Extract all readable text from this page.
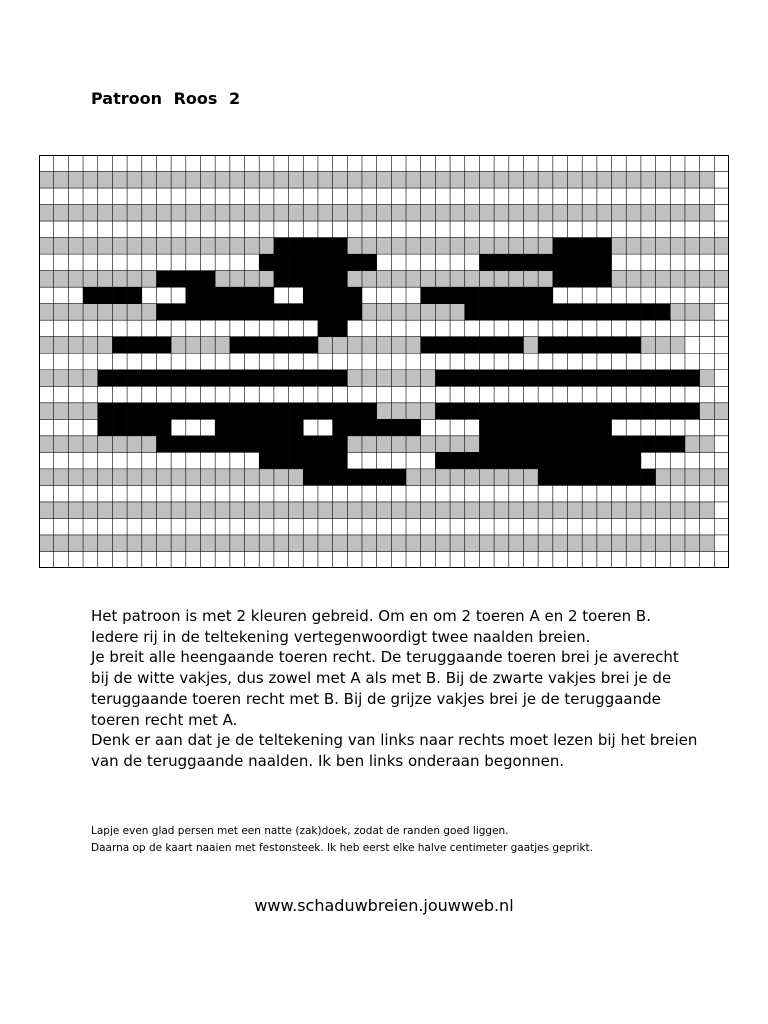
Patroon Roos 2
Het patroon is met 2 kleuren gebreid. Om en om 2 toeren A en 2 toeren B.
Iedere rij in de teltekening vertegenwoordigt twee naalden breien.
Je breit alle heengaande toeren recht. De teruggaande toeren brei je averecht
bij de witte vakjes, dus zowel met A als met B. Bij de zwarte vakjes brei je de
teruggaande toeren recht met B. Bij de grijze vakjes brei je de teruggaande
toeren recht met A.
Denk er aan dat je de teltekening van links naar rechts moet lezen bij het breien
van de teruggaande naalden. Ik ben links onderaan begonnen.
Lapje even glad persen met een natte (zak)doek, zodat de randen goed liggen.
Daarna op de kaart naaien met festonsteek. Ik heb eerst elke halve centimeter gaatjes geprikt.
www.schaduwbreien.jouwweb.nl
